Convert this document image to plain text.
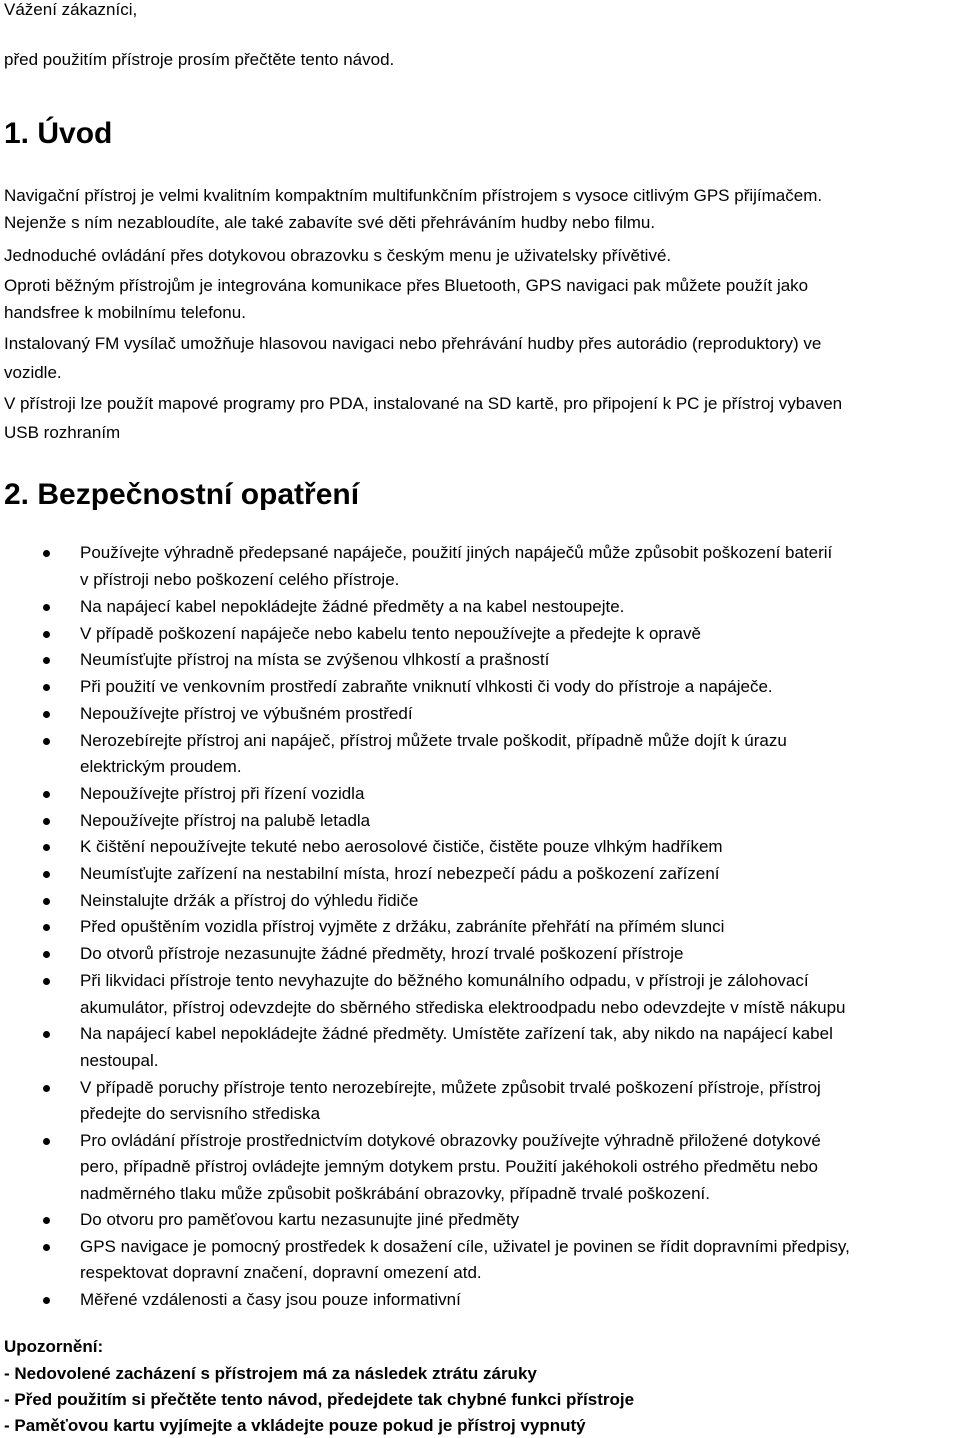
Vážení zákazníci,
před použitím přístroje prosím přečtěte tento návod.
1. Úvod
Navigační přístroj je velmi kvalitním kompaktním multifunkčním přístrojem s vysoce citlivým GPS přijímačem.
Nejenže s ním nezabloudíte, ale také zabavíte své děti přehráváním hudby nebo filmu.
Jednoduché ovládání přes dotykovou obrazovku s českým menu je uživatelsky přívětivé.
Oproti běžným přístrojům je integrována komunikace přes Bluetooth, GPS navigaci pak můžete použít jako
handsfree k mobilnímu telefonu.
Instalovaný FM vysílač umožňuje hlasovou navigaci nebo přehrávání hudby přes autorádio (reproduktory) ve
vozidle.
V přístroji lze použít mapové programy pro PDA, instalované na SD kartě, pro připojení k PC je přístroj vybaven
USB rozhraním
2. Bezpečnostní opatření
Používejte výhradně předepsané napáječe, použití jiných napáječů může způsobit poškození baterií
v přístroji nebo poškození celého přístroje.
Na napájecí kabel nepokládejte žádné předměty a na kabel nestoupejte.
V případě poškození napáječe nebo kabelu tento nepoužívejte a předejte k opravě
Neumísťujte přístroj na místa se zvýšenou vlhkostí a prašností
Při použití ve venkovním prostředí zabraňte vniknutí vlhkosti či vody do přístroje a napáječe.
Nepoužívejte přístroj ve výbušném prostředí
Nerozebírejte přístroj ani napáječ, přístroj můžete trvale poškodit, případně může dojít k úrazu
elektrickým proudem.
Nepoužívejte přístroj při řízení vozidla
Nepoužívejte přístroj na palubě letadla
K čištění nepoužívejte tekuté nebo aerosolové čističe, čistěte pouze vlhkým hadříkem
Neumísťujte zařízení na nestabilní místa, hrozí nebezpečí pádu a poškození zařízení
Neinstalujte držák a přístroj do výhledu řidiče
Před opuštěním vozidla přístroj vyjměte z držáku, zabráníte přehřátí na přímém slunci
Do otvorů přístroje nezasunujte žádné předměty, hrozí trvalé poškození přístroje
Při likvidaci přístroje tento nevyhazujte do běžného komunálního odpadu, v přístroji je zálohovací
akumulátor, přístroj odevzdejte do sběrného střediska elektroodpadu nebo odevzdejte v místě nákupu
Na napájecí kabel nepokládejte žádné předměty. Umístěte zařízení tak, aby nikdo na napájecí kabel
nestoupal.
V případě poruchy přístroje tento nerozebírejte, můžete způsobit trvalé poškození přístroje, přístroj
předejte do servisního střediska
Pro ovládání přístroje prostřednictvím dotykové obrazovky používejte výhradně přiložené dotykové
pero, případně přístroj ovládejte jemným dotykem prstu. Použití jakéhokoli ostrého předmětu nebo
nadměrného tlaku může způsobit poškrábání obrazovky, případně trvalé poškození.
Do otvoru pro paměťovou kartu nezasunujte jiné předměty
GPS navigace je pomocný prostředek k dosažení cíle, uživatel je povinen se řídit dopravními předpisy,
respektovat dopravní značení, dopravní omezení atd.
Měřené vzdálenosti a časy jsou pouze informativní
Upozornění:
- Nedovolené zacházení s přístrojem má za následek ztrátu záruky
- Před použitím si přečtěte tento návod, předejdete tak chybné funkci přístroje
- Paměťovou kartu vyjímejte a vkládejte pouze pokud je přístroj vypnutý
